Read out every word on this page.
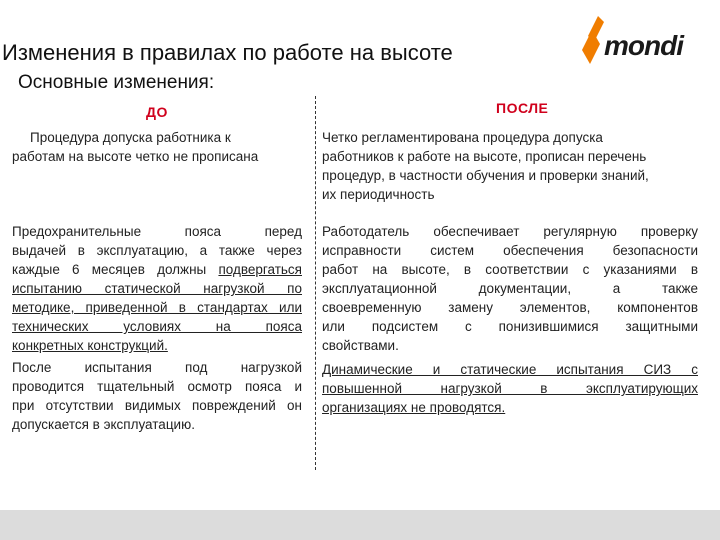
Изменения в правилах по работе на высоте	mondi
Основные изменения:
ДО	ПОСЛЕ
Процедура допуска работника к
работам на высоте четко не прописана
Предохранительные пояса перед
выдачей в эксплуатацию, а также через
каждые 6 месяцев должны подвергаться
испытанию статической нагрузкой по
методике, приведенной в стандартах или
технических условиях на пояса
конкретных конструкций.
После испытания под нагрузкой
проводится тщательный осмотр пояса и
при отсутствии видимых повреждений он
допускается в эксплуатацию.
Четко регламентирована процедура допуска
работников к работе на высоте, прописан перечень
процедур, в частности обучения и проверки знаний,
их периодичность
Работодатель обеспечивает регулярную проверку
исправности систем обеспечения безопасности
работ на высоте, в соответствии с указаниями в
эксплуатационной документации, а также
своевременную замену элементов, компонентов
или подсистем с понизившимися защитными
свойствами.
Динамические и статические испытания СИЗ с
повышенной нагрузкой в эксплуатирующих
организациях не проводятся.
